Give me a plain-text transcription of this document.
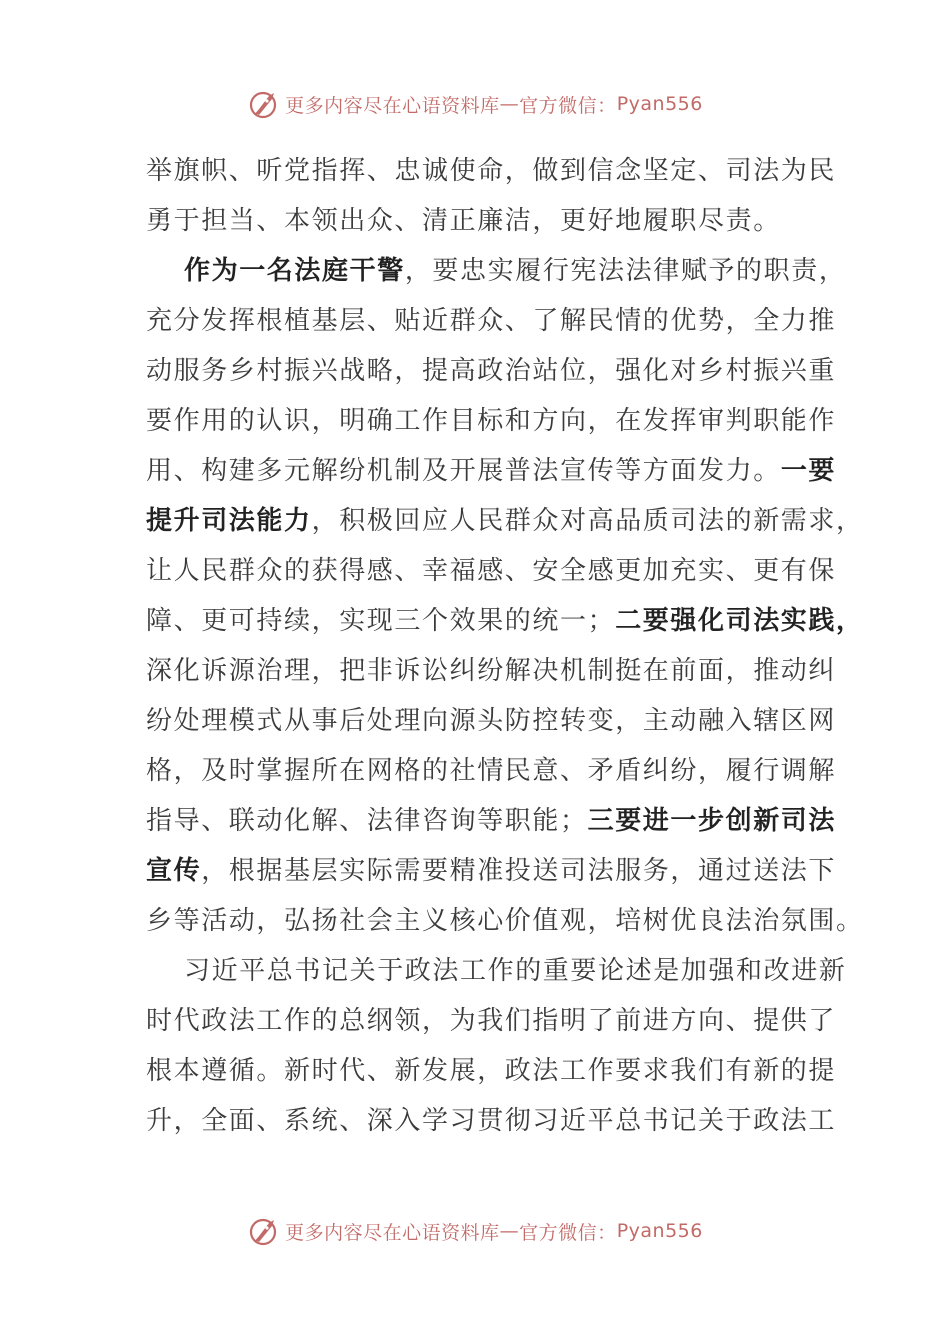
更多内容尽在心语资料库 — 官方微信： Pyan556
举旗帜、听党指挥、忠诚使命，做到信念坚定、司法为民
勇于担当、本领出众、清正廉洁，更好地履职尽责。
作为一名法庭干警，要忠实履行宪法法律赋予的职责，
充分发挥根植基层、贴近群众、了解民情的优势，全力推
动服务乡村振兴战略，提高政治站位，强化对乡村振兴重
要作用的认识，明确工作目标和方向，在发挥审判职能作
用、构建多元解纷机制及开展普法宣传等方面发力。一要
提升司法能力，积极回应人民群众对高品质司法的新需求，
让人民群众的获得感、幸福感、安全感更加充实、更有保
障、更可持续，实现三个效果的统一；二要强化司法实践，
深化诉源治理，把非诉讼纠纷解决机制挺在前面，推动纠
纷处理模式从事后处理向源头防控转变，主动融入辖区网
格，及时掌握所在网格的社情民意、矛盾纠纷，履行调解
指导、联动化解、法律咨询等职能；三要进一步创新司法
宣传，根据基层实际需要精准投送司法服务，通过送法下
乡等活动，弘扬社会主义核心价值观，培树优良法治氛围。
习近平总书记关于政法工作的重要论述是加强和改进新
时代政法工作的总纲领，为我们指明了前进方向、提供了
根本遵循。新时代、新发展，政法工作要求我们有新的提
升，全面、系统、深入学习贯彻习近平总书记关于政法工
更多内容尽在心语资料库 — 官方微信： Pyan556
